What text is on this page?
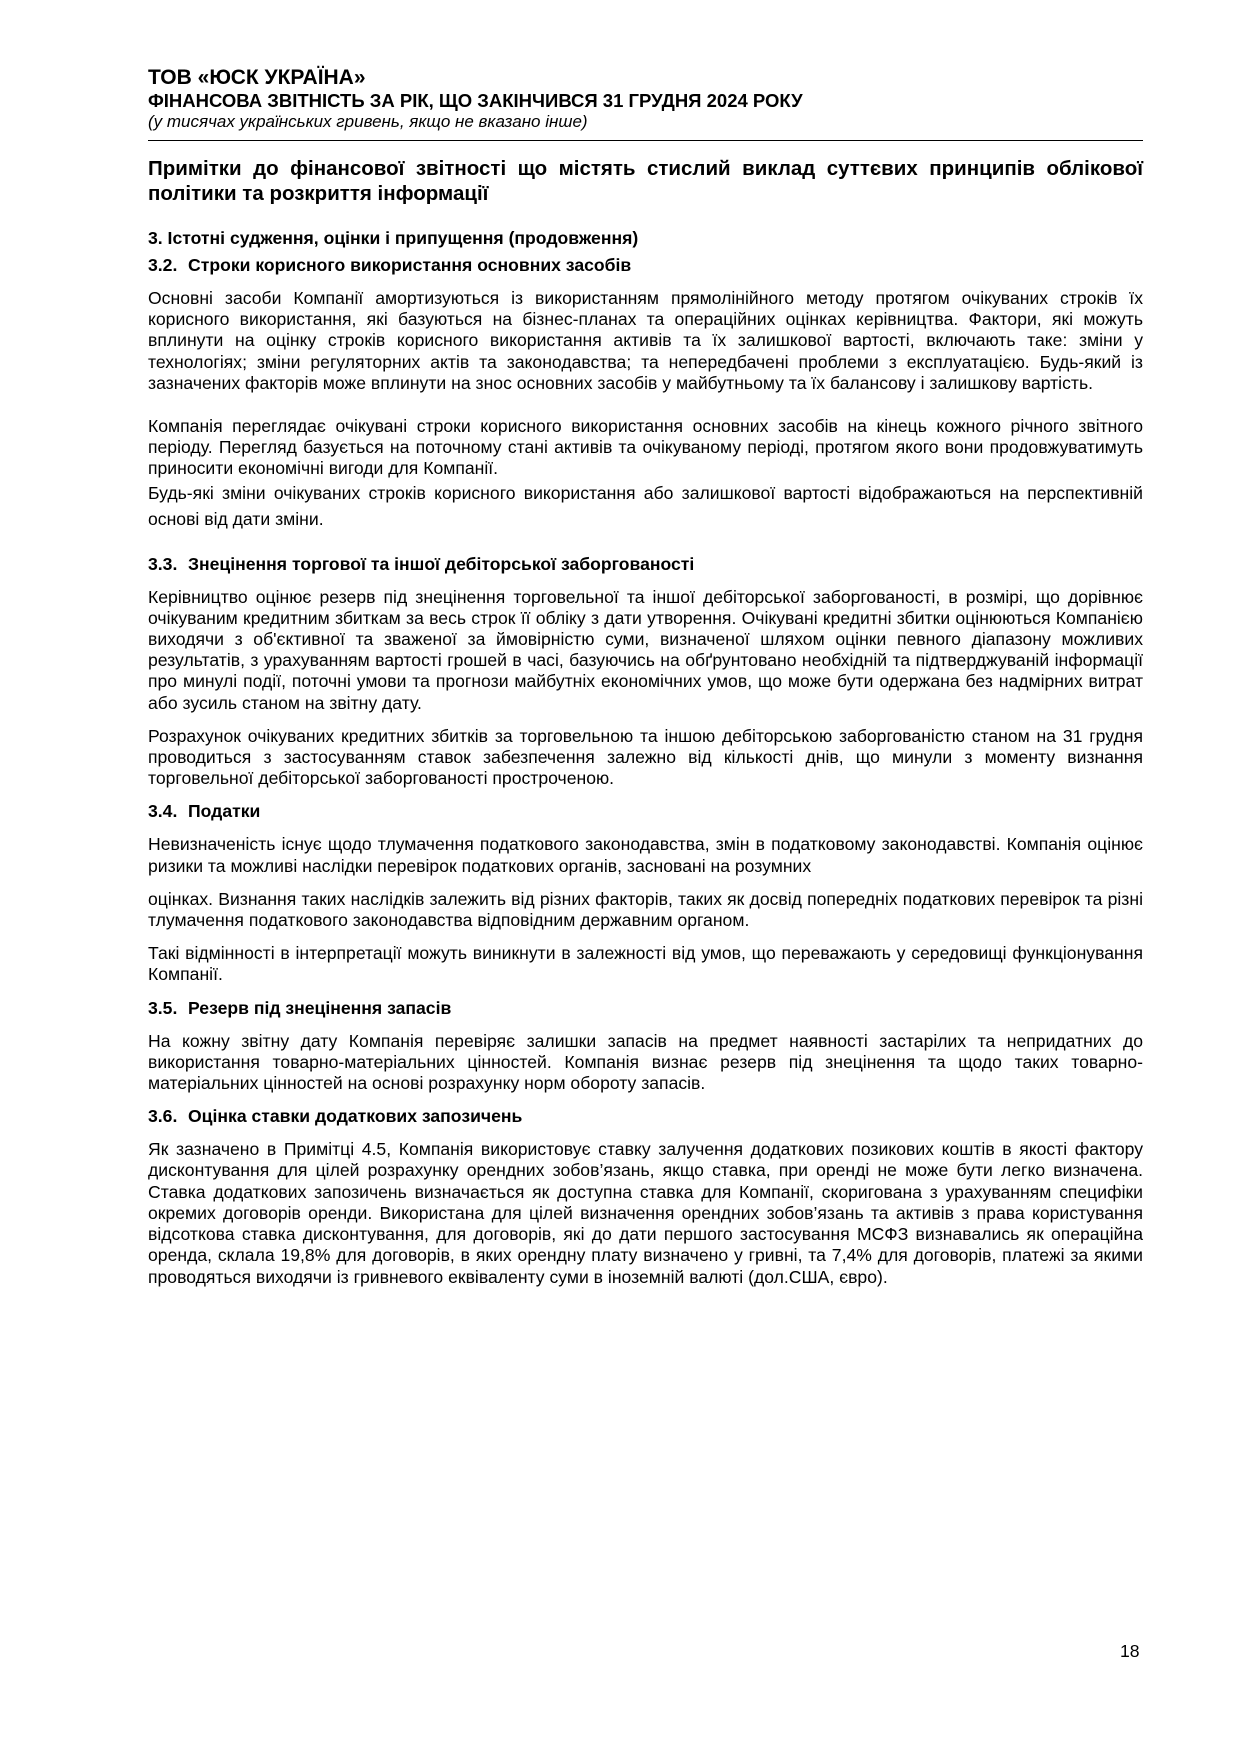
ТОВ «ЮСК УКРАЇНА»
ФІНАНСОВА ЗВІТНІСТЬ ЗА РІК, ЩО ЗАКІНЧИВСЯ 31 ГРУДНЯ 2024 РОКУ
(у тисячах українських гривень, якщо не вказано інше)
Примітки до фінансової звітності що містять стислий виклад суттєвих принципів облікової політики та розкриття інформації
3. Істотні судження, оцінки і припущення (продовження)
3.2. Строки корисного використання основних засобів

Основні засоби Компанії амортизуються із використанням прямолінійного методу протягом очікуваних строків їх корисного використання, які базуються на бізнес-планах та операційних оцінках керівництва. Фактори, які можуть вплинути на оцінку строків корисного використання активів та їх залишкової вартості, включають таке: зміни у технологіях; зміни регуляторних актів та законодавства; та непередбачені проблеми з експлуатацією. Будь-який із зазначених факторів може вплинути на знос основних засобів у майбутньому та їх балансову і залишкову вартість.

Компанія переглядає очікувані строки корисного використання основних засобів на кінець кожного річного звітного періоду. Перегляд базується на поточному стані активів та очікуваному періоді, протягом якого вони продовжуватимуть приносити економічні вигоди для Компанії.

Будь-які зміни очікуваних строків корисного використання або залишкової вартості відображаються на перспективній основі від дати зміни.

3.3. Знецінення торгової та іншої дебіторської заборгованості

Керівництво оцінює резерв під знецінення торговельної та іншої дебіторської заборгованості, в розмірі, що дорівнює очікуваним кредитним збиткам за весь строк її обліку з дати утворення. Очікувані кредитні збитки оцінюються Компанією виходячи з об'єктивної та зваженої за ймовірністю суми, визначеної шляхом оцінки певного діапазону можливих результатів, з урахуванням вартості грошей в часі, базуючись на обґрунтовано необхідній та підтверджуваній інформації про минулі події, поточні умови та прогнози майбутніх економічних умов, що може бути одержана без надмірних витрат або зусиль станом на звітну дату.

Розрахунок очікуваних кредитних збитків за торговельною та іншою дебіторською заборгованістю станом на 31 грудня проводиться з застосуванням ставок забезпечення залежно від кількості днів, що минули з моменту визнання торговельної дебіторської заборгованості простроченою.

3.4. Податки

Невизначеність існує щодо тлумачення податкового законодавства, змін в податковому законодавстві. Компанія оцінює ризики та можливі наслідки перевірок податкових органів, засновані на розумних

оцінках. Визнання таких наслідків залежить від різних факторів, таких як досвід попередніх податкових перевірок та різні тлумачення податкового законодавства відповідним державним органом.

Такі відмінності в інтерпретації можуть виникнути в залежності від умов, що переважають у середовищі функціонування Компанії.

3.5. Резерв під знецінення запасів

На кожну звітну дату Компанія перевіряє залишки запасів на предмет наявності застарілих та непридатних до використання товарно-матеріальних цінностей. Компанія визнає резерв під знецінення та щодо таких товарно-матеріальних цінностей на основі розрахунку норм обороту запасів.

3.6. Оцінка ставки додаткових запозичень

Як зазначено в Примітці 4.5, Компанія використовує ставку залучення додаткових позикових коштів в якості фактору дисконтування для цілей розрахунку орендних зобов’язань, якщо ставка, при оренді не може бути легко визначена. Ставка додаткових запозичень визначається як доступна ставка для Компанії, скоригована з урахуванням специфіки окремих договорів оренди. Використана для цілей визначення орендних зобов’язань та активів з права користування відсоткова ставка дисконтування, для договорів, які до дати першого застосування МСФЗ визнавались як операційна оренда, склала 19,8% для договорів, в яких орендну плату визначено у гривні, та 7,4% для договорів, платежі за якими проводяться виходячи із гривневого еквіваленту суми в іноземній валюті (дол.США, євро).

18
